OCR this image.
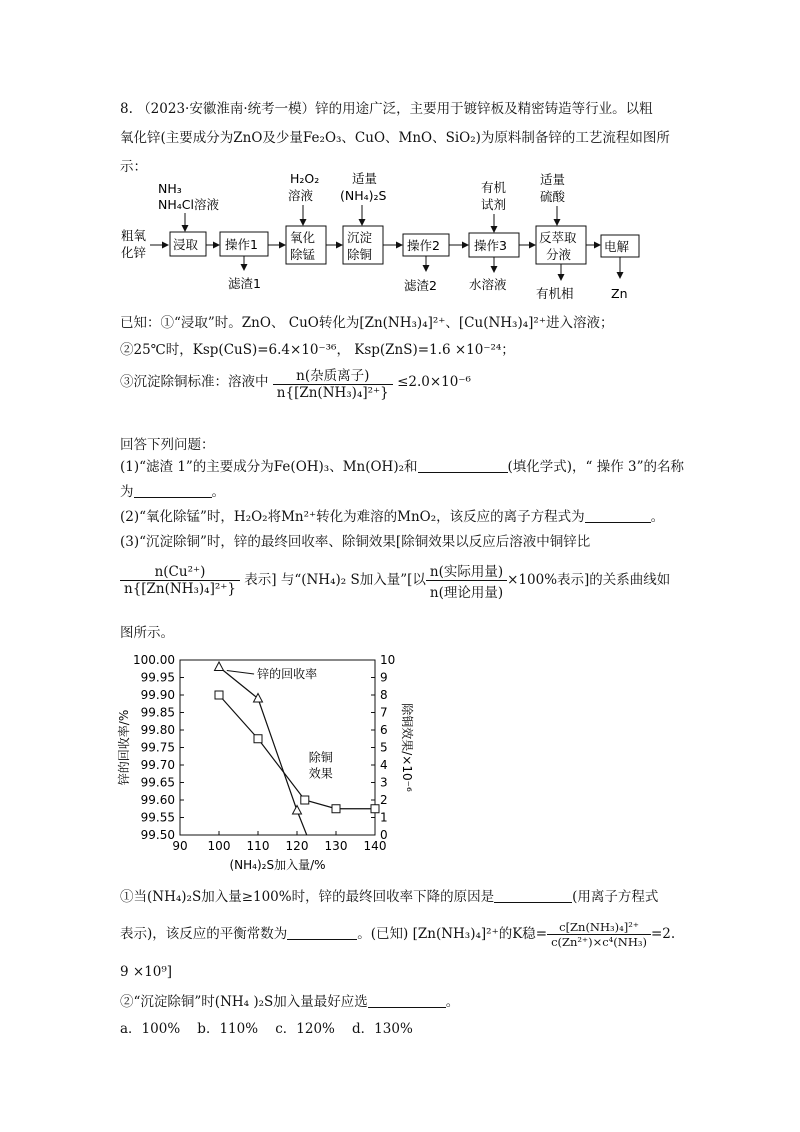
8. （2023·安徽淮南·统考一模）锌的用途广泛，主要用于镀锌板及精密铸造等行业。以粗
氧化锌(主要成分为ZnO及少量Fe₂O₃、CuO、MnO、SiO₂)为原料制备锌的工艺流程如图所
示：
粗氧
化锌
NH₃
NH₄Cl溶液
浸取 操作1
滤渣1
H₂O₂
溶液
氧化
除锰
适量
(NH₄)₂S
沉淀
除铜
操作2
滤渣2
有机
试剂
操作3
水溶液
适量
硫酸
反萃取
分液
有机相
电解
Zn
已知：①“浸取”时。ZnO、 CuO转化为[Zn(NH₃)₄]²⁺、[Cu(NH₃)₄]²⁺进入溶液；
②25℃时，Ksp(CuS)=6.4×10⁻³⁶， Ksp(ZnS)=1.6 ×10⁻²⁴；
③沉淀除铜标准：溶液中 $\frac{\text{n(杂质离子)}}{\text{n\{[Zn(NH₃)₄]²⁺\}}} \le 2.0\times 10^{-6}$
回答下列问题：
(1)“滤渣 1”的主要成分为Fe(OH)₃、Mn(OH)₂和	(填化学式)，“ 操作 3”的名称
为	。
(2)“氧化除锰”时，H₂O₂将Mn²⁺转化为难溶的MnO₂，该反应的离子方程式为	。
(3)“沉淀除铜”时，锌的最终回收率、除铜效果[除铜效果以反应后溶液中铜锌比
$\frac{\text{n(Cu²⁺)}}{\text{n\{[Zn(NH₃)₄]²⁺\}}}$ 表示] 与“(NH₄)₂ S加入量”[以 $\frac{\text{n(实际用量)}}{\text{n(理论用量)}} \times 100\%$表示]的关系曲线如
图所示。
99.50
99.55
99.60
99.65
99.70
99.75
99.80
99.85
99.90
99.95
100.00
0
1
2
3
4
5
6
7
8
9
10
90 100 110 120 130 140
(NH₄)₂S加入量/%
锌的回收率/%	除铜效果/×10⁻⁶
锌的回收率
除铜
效果
①当(NH₄)₂S加入量≥100%时，锌的最终回收率下降的原因是	(用离子方程式
表示)，该反应的平衡常数为	。(已知) [Zn(NH₃)₄]²⁺的K稳= $\frac{\text{c[Zn(NH₃)₄]²⁺}}{\text{c(Zn²⁺)×c⁴(NH₃)}} =2$.
9 ×10⁹]
②“沉淀除铜”时(NH₄ )₂S加入量最好应选	。
a．100%    b．110%    c．120%    d．130%
